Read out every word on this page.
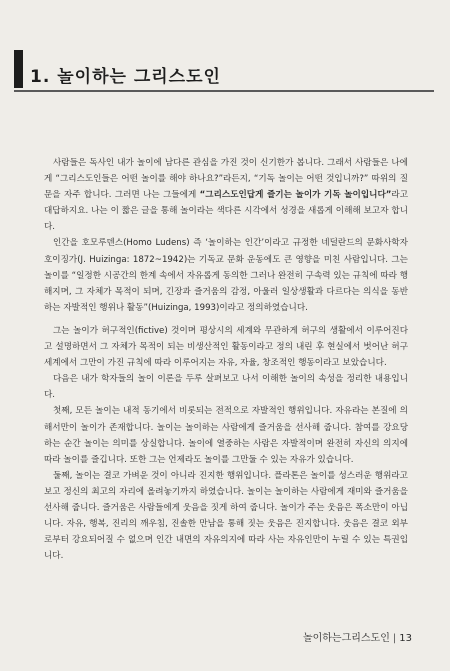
1. 놀이하는 그리스도인

사람들은 독사인 내가 놀이에 남다른 관심을 가진 것이 신기한가 봅니다. 그래서 사람들은 나에게 “그리스도인들은 어떤 놀이를 해야 하나요?”라든지, “기독 놀이는 어떤 것입니까?” 따위의 질문을 자주 합니다. 그러면 나는 그들에게 “그리스도인답게 즐기는 놀이가 기독 놀이입니다”라고 대답하지요. 나는 이 짧은 글을 통해 놀이라는 색다른 시각에서 성경을 새롭게 이해해 보고자 합니다.

인간을 호모루덴스(Homo Ludens) 즉 ‘놀이하는 인간’이라고 규정한 네덜란드의 문화사학자 호이징가(J. Huizinga: 1872~1942)는 기독교 문화 운동에도 큰 영향을 미친 사람입니다. 그는 놀이를 “일정한 시공간의 한계 속에서 자유롭게 동의한 그러나 완전히 구속력 있는 규칙에 따라 행해지며, 그 자체가 목적이 되며, 긴장과 즐거움의 감정, 아울러 일상생활과 다르다는 의식을 동반하는 자발적인 행위나 활동”(Huizinga, 1993)이라고 정의하였습니다.

그는 놀이가 허구적인(fictive) 것이며 평상시의 세계와 무관하게 허구의 생활에서 이루어진다고 설명하면서 그 자체가 목적이 되는 비생산적인 활동이라고 정의 내린 후 현실에서 벗어난 허구세계에서 그만이 가진 규칙에 따라 이루어지는 자유, 자율, 창조적인 행동이라고 보았습니다.

다음은 내가 학자들의 놀이 이론을 두루 살펴보고 나서 이해한 놀이의 속성을 정리한 내용입니다.

첫째, 모든 놀이는 내적 동기에서 비롯되는 전적으로 자발적인 행위입니다. 자유라는 본질에 의해서만이 놀이가 존재합니다. 놀이는 놀이하는 사람에게 즐거움을 선사해 줍니다. 참여를 강요당하는 순간 놀이는 의미를 상실합니다. 놀이에 열중하는 사람은 자발적이며 완전히 자신의 의지에 따라 놀이를 즐깁니다. 또한 그는 언제라도 놀이를 그만둘 수 있는 자유가 있습니다.

둘째, 놀이는 결코 가벼운 것이 아니라 진지한 행위입니다. 플라톤은 놀이를 성스러운 행위라고 보고 정신의 최고의 자리에 올려놓기까지 하였습니다. 놀이는 놀이하는 사람에게 재미와 즐거움을 선사해 줍니다. 즐거움은 사람들에게 웃음을 짓게 하여 줍니다. 놀이가 주는 웃음은 폭소만이 아닙니다. 자유, 행복, 진리의 깨우침, 진솔한 만남을 통해 짓는 웃음은 진지합니다. 웃음은 결코 외부로부터 강요되어질 수 없으며 인간 내면의 자유의지에 따라 사는 자유인만이 누릴 수 있는 특권입니다.

놀이하는그리스도인 | 13
